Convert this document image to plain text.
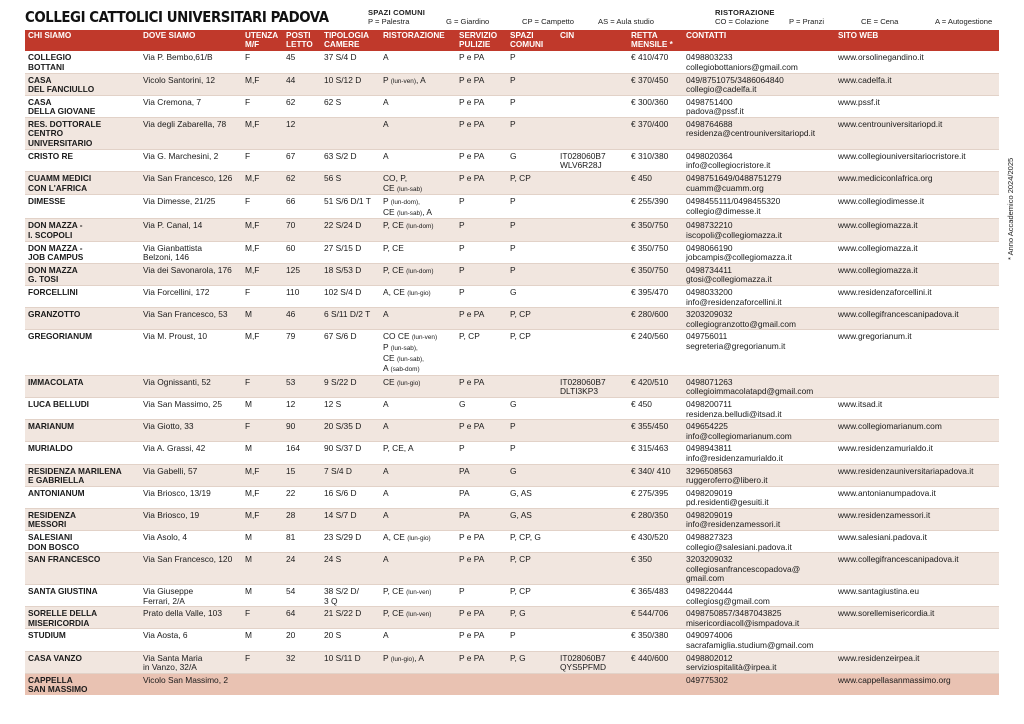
COLLEGI CATTOLICI UNIVERSITARI PADOVA	SPAZI COMUNI
P = Palestra	G = Giardino	CP = Campetto	AS = Aula studio
RISTORAZIONE
CO = Colazione	P = Pranzi	CE = Cena	A = Autogestione
* Anno Accademico 2024/2025
CHI SIAMO	DOVE SIAMO	UTENZA
M/F	POSTI
LETTO	TIPOLOGIA
CAMERE	RISTORAZIONE	SERVIZIO
PULIZIE	SPAZI
COMUNI	CIN	RETTA
MENSILE *	CONTATTI	SITO WEB

COLLEGIO
BOTTANI	Via P. Bembo,61/B	F	45	37 S/4 D	A	P e PA	P		€ 410/470	0498803233
collegiobottaniors@gmail.com	www.orsolinegandino.it

CASA
DEL FANCIULLO	Vicolo Santorini, 12	M,F	44	10 S/12 D	P (lun-ven), A	P e PA	P		€ 370/450	049/8751075/3486064840
collegio@cadelfa.it	www.cadelfa.it

CASA
DELLA GIOVANE	Via Cremona, 7	F	62	62 S	A	P e PA	P		€ 300/360	0498751400
padova@pssf.it	www.pssf.it

RES. DOTTORALE
CENTRO
UNIVERSITARIO	Via degli Zabarella, 78	M,F	12		A	P e PA	P		€ 370/400	0498764688
residenza@centrouniversitariopd.it	www.centrouniversitariopd.it

CRISTO RE	Via G. Marchesini, 2	F	67	63 S/2 D	A	P e PA	G	IT028060B7
WLV6R28J	€ 310/380	0498020364
info@collegiocristore.it	www.collegiouniversitariocristore.it

CUAMM MEDICI
CON L'AFRICA	Via San Francesco, 126	M,F	62	56 S	CO, P,
CE (lun-sab)	P e PA	P, CP		€ 450	0498751649/0488751279
cuamm@cuamm.org	www.mediciconlafrica.org

DIMESSE	Via Dimesse, 21/25	F	66	51 S/6 D/1 T	P (lun-dom),
CE (lun-sab), A	P	P		€ 255/390	0498455111/0498455320
collegio@dimesse.it	www.collegiodimesse.it

DON MAZZA -
I. SCOPOLI	Via P. Canal, 14	M,F	70	22 S/24 D	P, CE (lun-dom)	P	P		€ 350/750	0498732210
iscopoli@collegiomazza.it	www.collegiomazza.it

DON MAZZA -
JOB CAMPUS	Via Gianbattista
Belzoni, 146	M,F	60	27 S/15 D	P, CE	P	P		€ 350/750	0498066190
jobcampis@collegiomazza.it	www.collegiomazza.it

DON MAZZA
G. TOSI	Via dei Savonarola, 176	M,F	125	18 S/53 D	P, CE (lun-dom)	P	P		€ 350/750	0498734411
gtosi@collegiomazza.it	www.collegiomazza.it

FORCELLINI	Via Forcellini, 172	F	110	102 S/4 D	A, CE (lun-gio)	P	G		€ 395/470	0498033200
info@residenzaforcellini.it	www.residenzaforcellini.it

GRANZOTTO	Via San Francesco, 53	M	46	6 S/11 D/2 T	A	P e PA	P, CP		€ 280/600	3203209032
collegiogranzotto@gmail.com	www.collegifrancescanipadova.it

GREGORIANUM	Via M. Proust, 10	M,F	79	67 S/6 D	CO CE (lun-ven)
P (lun-sab),
CE (lun-sab),
A (sab-dom)	P, CP	P, CP		€ 240/560	049756011
segreteria@gregorianum.it	www.gregorianum.it

IMMACOLATA	Via Ognissanti, 52	F	53	9 S/22 D	CE (lun-gio)	P e PA		IT028060B7
DLTI3KP3	€ 420/510	0498071263
collegioimmacolatapd@gmail.com	

LUCA BELLUDI	Via San Massimo, 25	M	12	12 S	A	G	G		€ 450	0498200711
residenza.belludi@itsad.it	www.itsad.it

MARIANUM	Via Giotto, 33	F	90	20 S/35 D	A	P e PA	P		€ 355/450	049654225
info@collegiomarianum.com	www.collegiomarianum.com

MURIALDO	Via A. Grassi, 42	M	164	90 S/37 D	P, CE, A	P	P		€ 315/463	0498943811
info@residenzamurialdo.it	www.residenzamurialdo.it

RESIDENZA MARILENA
E GABRIELLA	Via Gabelli, 57	M,F	15	7 S/4 D	A	PA	G		€ 340/ 410	3296508563
ruggeroferro@libero.it	www.residenzauniversitariapadova.it

ANTONIANUM	Via Briosco, 13/19	M,F	22	16 S/6 D	A	PA	G, AS		€ 275/395	0498209019
pd.residenti@gesuiti.it	www.antonianumpadova.it

RESIDENZA
MESSORI	Via Briosco, 19	M,F	28	14 S/7 D	A	PA	G, AS		€ 280/350	0498209019
info@residenzamessori.it	www.residenzamessori.it

SALESIANI
DON BOSCO	Via Asolo, 4	M	81	23 S/29 D	A, CE (lun-gio)	P e PA	P, CP, G		€ 430/520	0498827323
collegio@salesiani.padova.it	www.salesiani.padova.it

SAN FRANCESCO	Via San Francesco, 120	M	24	24 S	A	P e PA	P, CP		€ 350	3203209032
collegiosanfrancescopadova@
gmail.com	www.collegifrancescanipadova.it

SANTA GIUSTINA	Via Giuseppe
Ferrari, 2/A	M	54	38 S/2 D/
3 Q	P, CE (lun-ven)	P	P, CP		€ 365/483	0498220444
collegiosg@gmail.com	www.santagiustina.eu

SORELLE DELLA
MISERICORDIA	Prato della Valle, 103	F	64	21 S/22 D	P, CE (lun-ven)	P e PA	P, G		€ 544/706	0498750857/3487043825
misericordiacoll@ismpadova.it	www.sorellemisericordia.it

STUDIUM	Via Aosta, 6	M	20	20 S	A	P e PA	P		€ 350/380	0490974006
sacrafamiglia.studium@gmail.com	

CASA VANZO	Via Santa Maria
in Vanzo, 32/A	F	32	10 S/11 D	P (lun-gio), A	P e PA	P, G	IT028060B7
QYS5PFMD	€ 440/600	0498802012
serviziospitalità@irpea.it	www.residenzeirpea.it

CAPPELLA
SAN MASSIMO	Vicolo San Massimo, 2									049775302	www.cappellasanmassimo.org
